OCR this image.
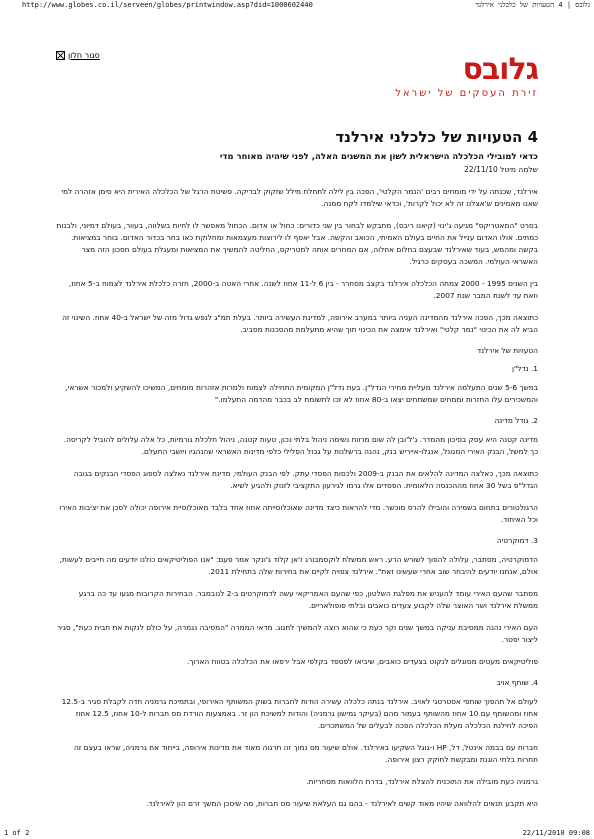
גלובס | 4 הטעויות של כלכלני אירלנד
http://www.globes.co.il/serveen/globes/printwindow.asp?did=1000602440
סגור חלון	גלובס
זירת העסקים של ישראל
4 הטעויות של כלכלני אירלנד
כדאי למובילי הכלכלה הישראלית לשון את המשגים האלה, לפני שיהיה מאוחר מדי
שלמה מיטל 22/11/10

אירלנד, שכנתה על ידי מומחים רבים 'הנמר הקלטי', הפכה בין לילה לתחלת מילל שזקוק לבדיקה. פשיטת הרגל של הכלכלה האירית היא סימן אזהרה למי שאנו מאמינים ש'אצלנו זה לא יכול לקרות', וכדאי שילמדו לקח ממנה.

בסרט "המאטריקס" מגיעה ג'ינוי (קיאנו ריבס), מתבקש לבחור בין שני כדורים: כחול או אדום. הכחול מאפשר לו לחיות בשלווה, בעוור, בעולם דמיוני, ולבנות כמתים. אולו האדום ענייל את החיים בעולם האמיתי, הכואב והקשה. אבל יאסף לו לירוצות מעצמאות ומחלוקת כאו בחר בכדור האדום. בוחר במציאות. בקשה ומהמש, בעוד שאירלנד שבעצם בחלום אחלוה, אם המחרים אותה למטריקס, החליטה להמשיך את המציאות ומעגלת בעולם חסכון הזה מצר האשראי העולמי. המשכה בעסקים כרגיל.

בין השנים 1995 - 2000 צמחה הכלכלה אירלנד בקצב מסחרר - בין 6 ל-11 אחוז לשנה. אחרי האטה ב-2000, חזרה כלכלת אירלנד לצמוח ב-5 אחוז, וזאת עד לשנת המבר שנת 2007.

כתוצאה מכך, הפכה אירלנד מהמדינה העניה ביותר במערב אירופה, למדינת העשירה ביותר. בעלת תמ"ג לנפש גדול מזה של ישראל ב-40 אחוז. השינוי זה הביא לה את הכינוי "נמר קלטי" ואירלנד אימצה את הכינוי תוך שהיא מתעלמת מהסכנות מסביב.

הטעויות של אירלנד
1. נדל"ן

במשך 5-6 שנים התעלמה אירלנד מעליית מחירי הנדל"ן. בעת נדל"ן המקומית התחילה לצמוח ולמרות אזהרות מומחים, המשיכו להשקיע ולמכור אשראי, והמשכירים עלו החזרות וממחים שמשתחים יצאו ב-80 אחוז לא זכו לתשומת לב בכבר מהדמה התעלמו."

2. גודל מדינה

מדינה קטנה היא עסק בסיכון מהמדר. ג'ל'ובן לה שום מרווח נשימה ניהול בלתי נכון, טעות קטנה, ניהול חלכלת גורמיות, כל אלה עלולים להוביל לקריסה. כך למשל, הבנק האירי המגונל, אנגלו-אייריש בנק, נהנה ברשלנות על גבול הפלילי כלפי מדינות האשראי שהנהגיו ויושבי התעלם.

כתוצאה מכך, כאלצה המדינה להלאים את הבנק ב-2009 ולכסות הפסדי עתק. לפי הבנק העולמי, מדינת אירלנד נאלצה לספוג הפסדי הבנקים בגובה הגדל"פ בשל 30 אחוז מההכנסה הלאומית. הפסדים אלו גרמו לגירעון התקציבי לזנוק ולהגיע לשיא.

הרגולטורים בתחום בשמירה והובילו להרס מוכשר. מדי להראות כיצד מדינה שאוכלוסייתה אחוז אחד בלבד מאוכלוסיית אירופה יכולה לסכן את יציבות האירו וכל האיחוד.

3. דמוקרטיה

הדמוקרטיה, מסתבר, עלולה להפוך לשורש הרע. ראש ממשלת לוקסמבורג ז'אן קלוד ג'ונקר אמר פעם: "אנו הפוליטיקאים כולנו יודעים מה חייבים לעשות, אולם, אנחנו יודעים להיבחר שוב אחרי שעשינו זאת". אירלנד צפויה לקיים את בחירות שלה בתחילת 2011.

מסתבר שהעם האירי עומד להעניש את מפלגת השלטון, כפי שהעם האמריקאי עשה לדמוקרטים ב-2 לנובמבר. הבחירות הקרובות מגעו עד כה ברגע ממשלת אירלנד ושר האוצר שלה לקבוע צעדים כואבים ובלתי פופולאריים.

העם האירי נהנה ממסיבת עניקה במשך שנים וקר כעת כי שהוא רוצה להמשיך לחגוג. מדאי הממרה "המסיבה נגמרה, על כולם לנקות את תבית כעת", סגיר ליצור יפטר.

פוליטיקאים מעטים מסוגלים לנקוט בצעדים כואבים, שיביאו לפספד בקלפי אבל ירפאו את הכלכלה בטווח הארוך.

4. שותף אויב

לעולם אל תהפוך שותפי אסטרטגי לאויב. אירלנד בנתה כלכלה עשירה הודות לחברות בשוק המשותף האירופי, ובתמיכת גרמניה חדה לקבלת סגיר ב-12.5 אחוז ומהשותף עם 10 אחוז מהשותף בעמור מהם (בעיקר גמישון גרמניה) והודות למשיכת הון זר. באמצעות הורדת מס חברות ל-10 אחוז, 12.5 אחוז הפיכה לחילנת הכלכלה מעלת הכלכלה הפכה לבעלים של המשתכרים.

חברות עם בבמה אינטל, דל, HP ו-גוגל השקיעו באירלנד. אולם שיעור מס נמוך זה חרגוה מאוד את מדינות אירופה, בייחוד את גרמניה, שראו בעצם זה תחרות בלתי הוגנת ומבקשת לחוקק רצון אירופה.

גרמניה כעת מובילה את התוכנית להצלת אירלנד, בדרת הלוואות מסחריות.

היא תקבע תנאים להלוואה שיהיו מאוד קשים לאירלנד - בהם גם העלאת שיעור מס חברות, מה שיסכן המשך זרם הון לאירלנד.

1 of 2	22/11/2010 09:08
